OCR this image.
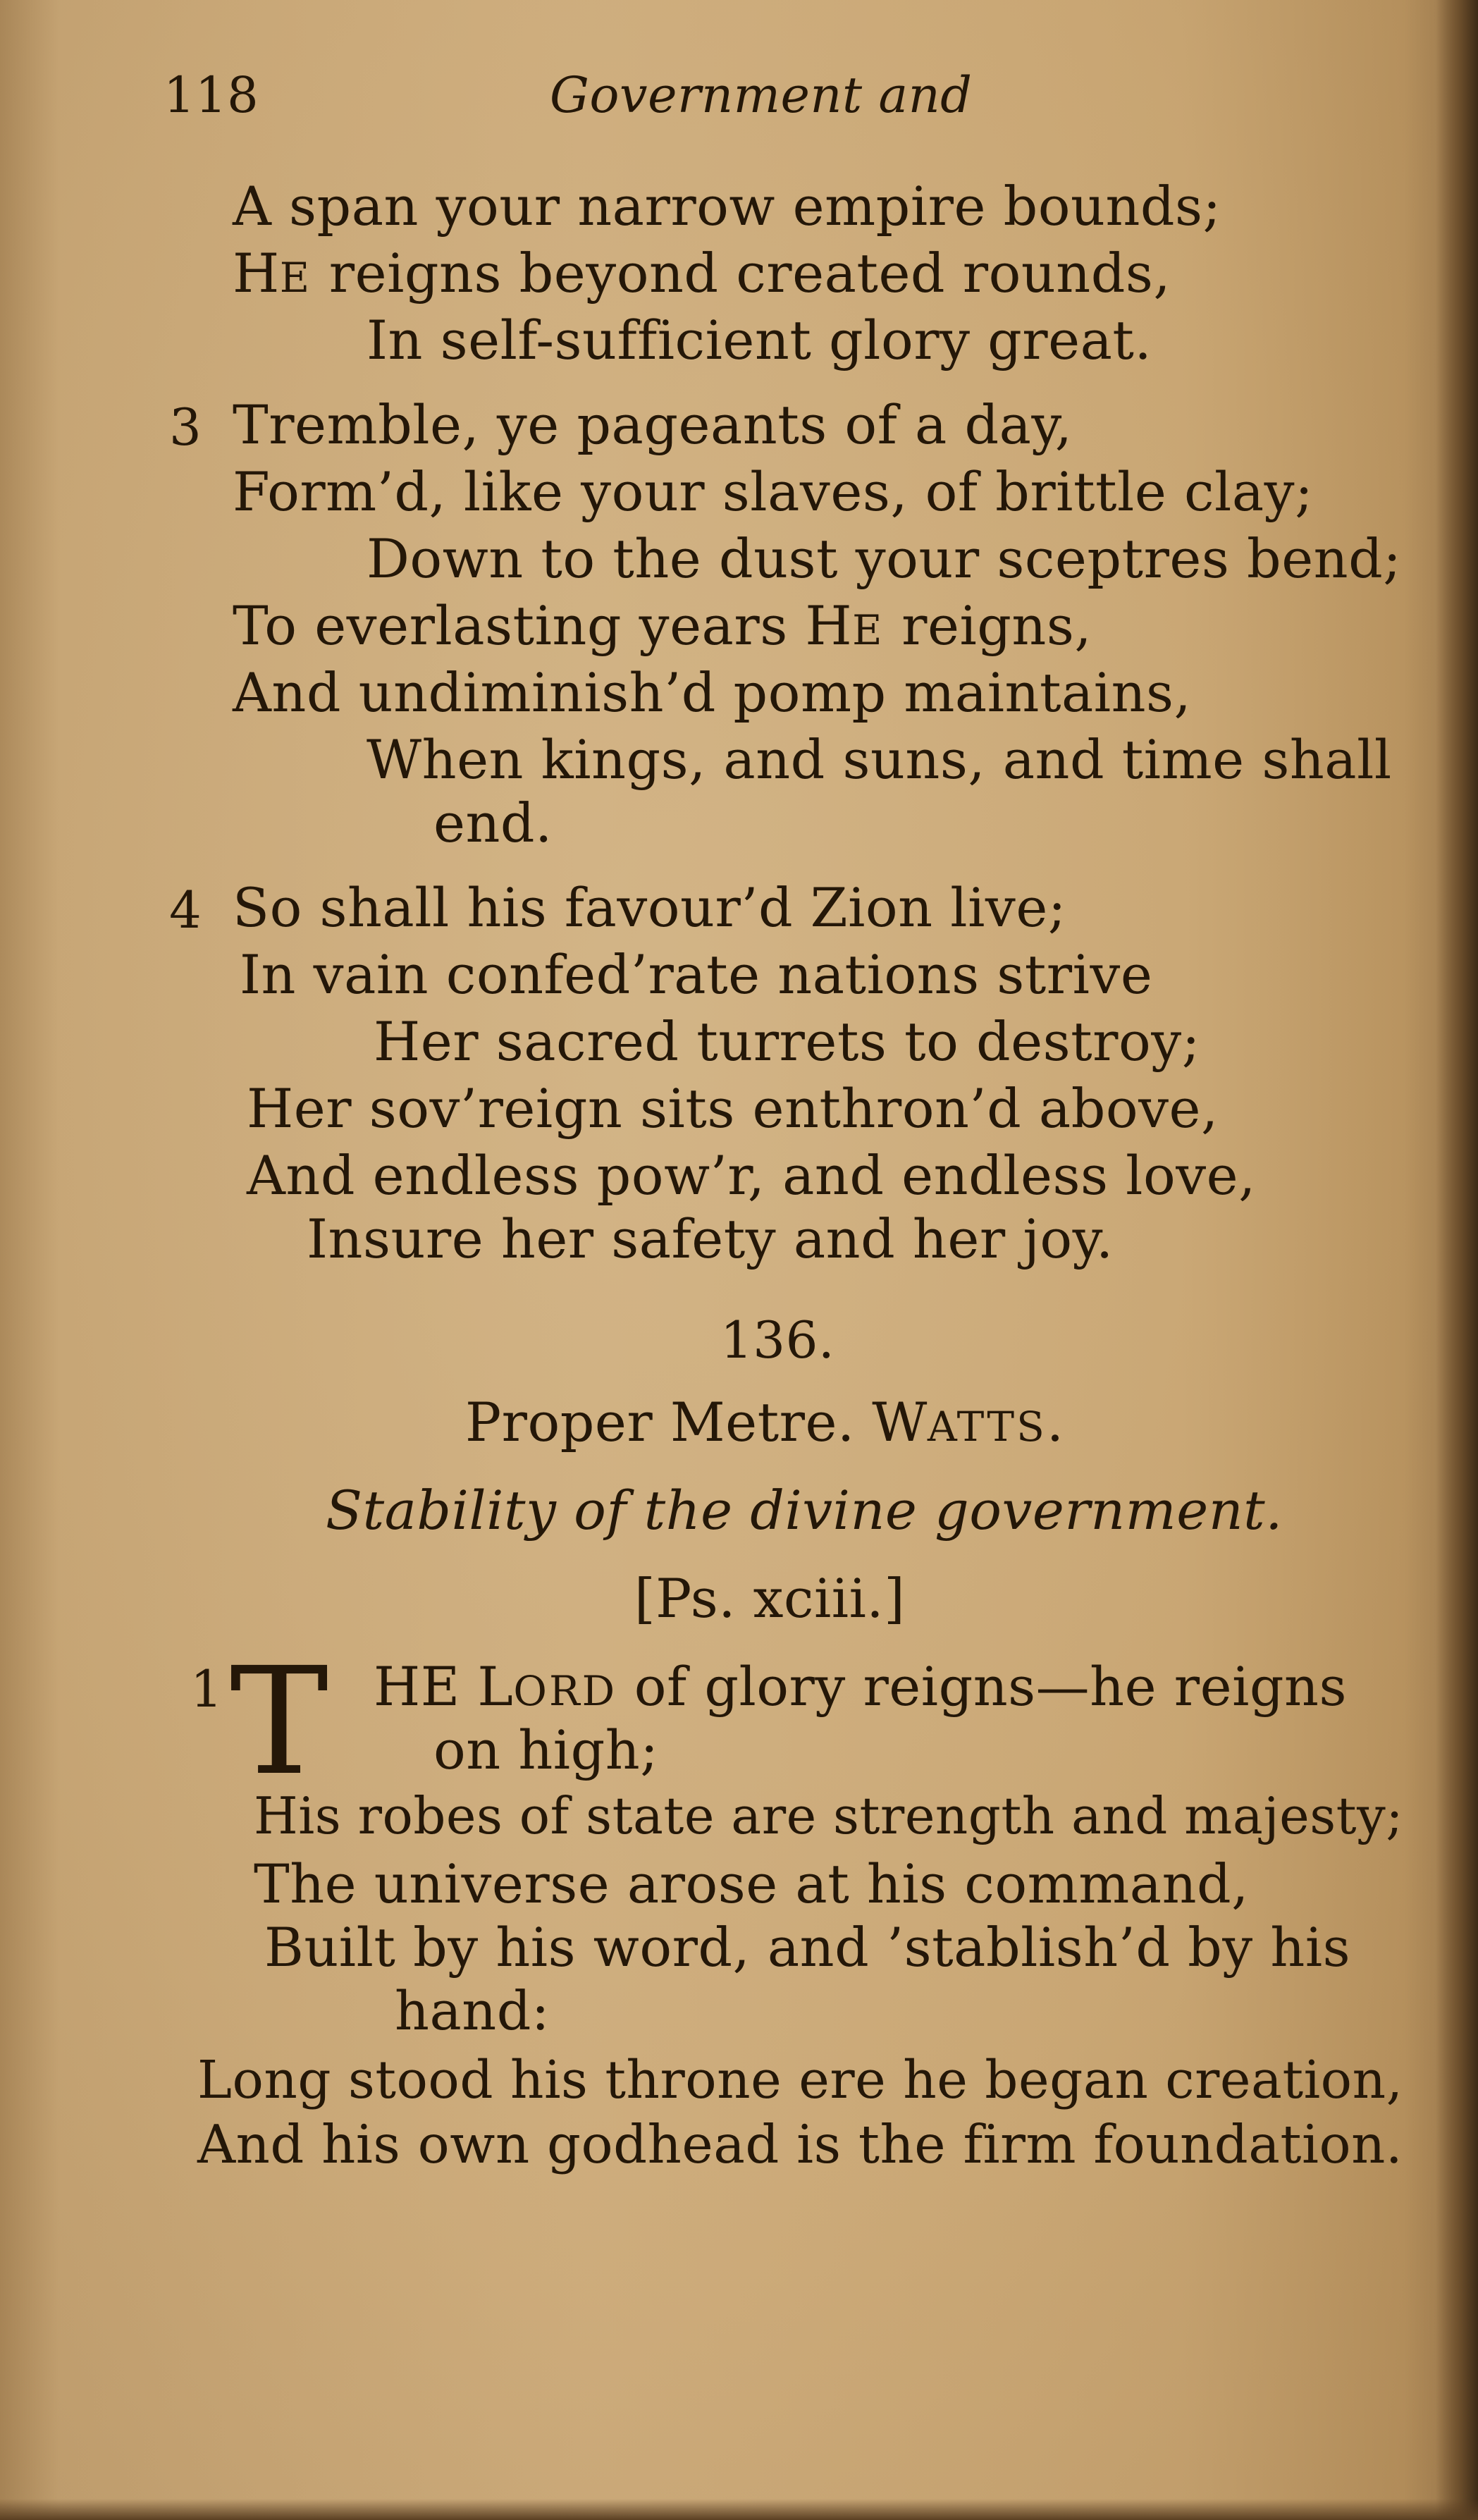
118	Government and
A span your narrow empire bounds;
HE reigns beyond created rounds,
In self-sufficient glory great.
3 Tremble, ye pageants of a day,
Form’d, like your slaves, of brittle clay;
Down to the dust your sceptres bend;
To everlasting years HE reigns,
And undiminish’d pomp maintains,
When kings, and suns, and time shall
end.
4 So shall his favour’d Zion live;
In vain confed’rate nations strive
Her sacred turrets to destroy;
Her sov’reign sits enthron’d above,
And endless pow’r, and endless love,
Insure her safety and her joy.
136.
Proper Metre. WATTS.
Stability of the divine government.
[Ps. xciii.]
1 T HE LORD of glory reigns—he reigns
on high;
His robes of state are strength and majesty;
The universe arose at his command,
Built by his word, and ’stablish’d by his
hand:
Long stood his throne ere he began creation,
And his own godhead is the firm foundation.
